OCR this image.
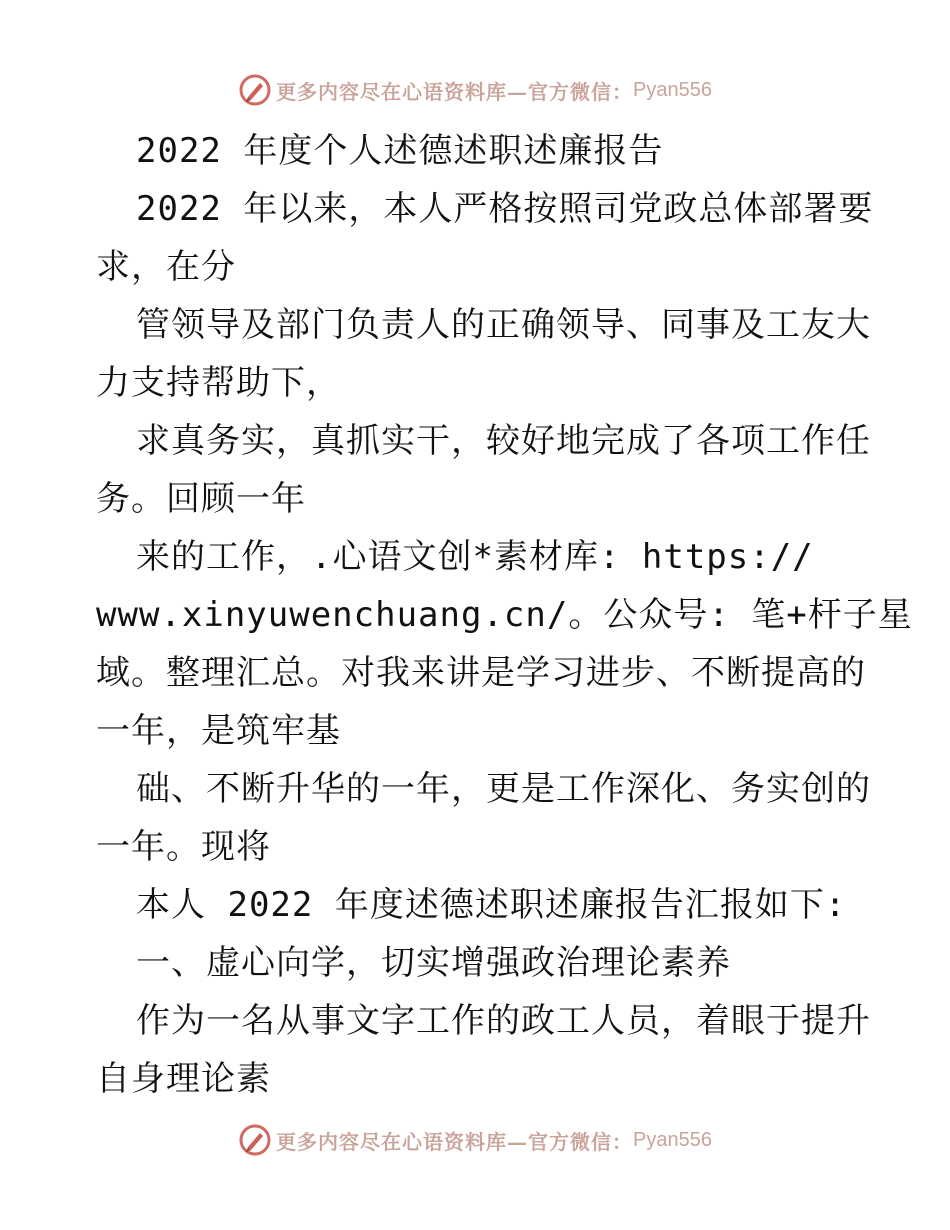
更多内容尽在心语资料库—官方微信： Pyan556
2022 年度个人述德述职述廉报告
2022 年以来，本人严格按照司党政总体部署要
求，在分
管领导及部门负责人的正确领导、同事及工友大
力支持帮助下，
求真务实，真抓实干，较好地完成了各项工作任
务。回顾一年
来的工作，.心语文创*素材库: https://
www.xinyuwenchuang.cn/。公众号: 笔+杆子星
域。整理汇总。对我来讲是学习进步、不断提高的
一年，是筑牢基
础、不断升华的一年，更是工作深化、务实创的
一年。现将
本人 2022 年度述德述职述廉报告汇报如下:
一、虚心向学，切实增强政治理论素养
作为一名从事文字工作的政工人员，着眼于提升
自身理论素
更多内容尽在心语资料库—官方微信： Pyan556
